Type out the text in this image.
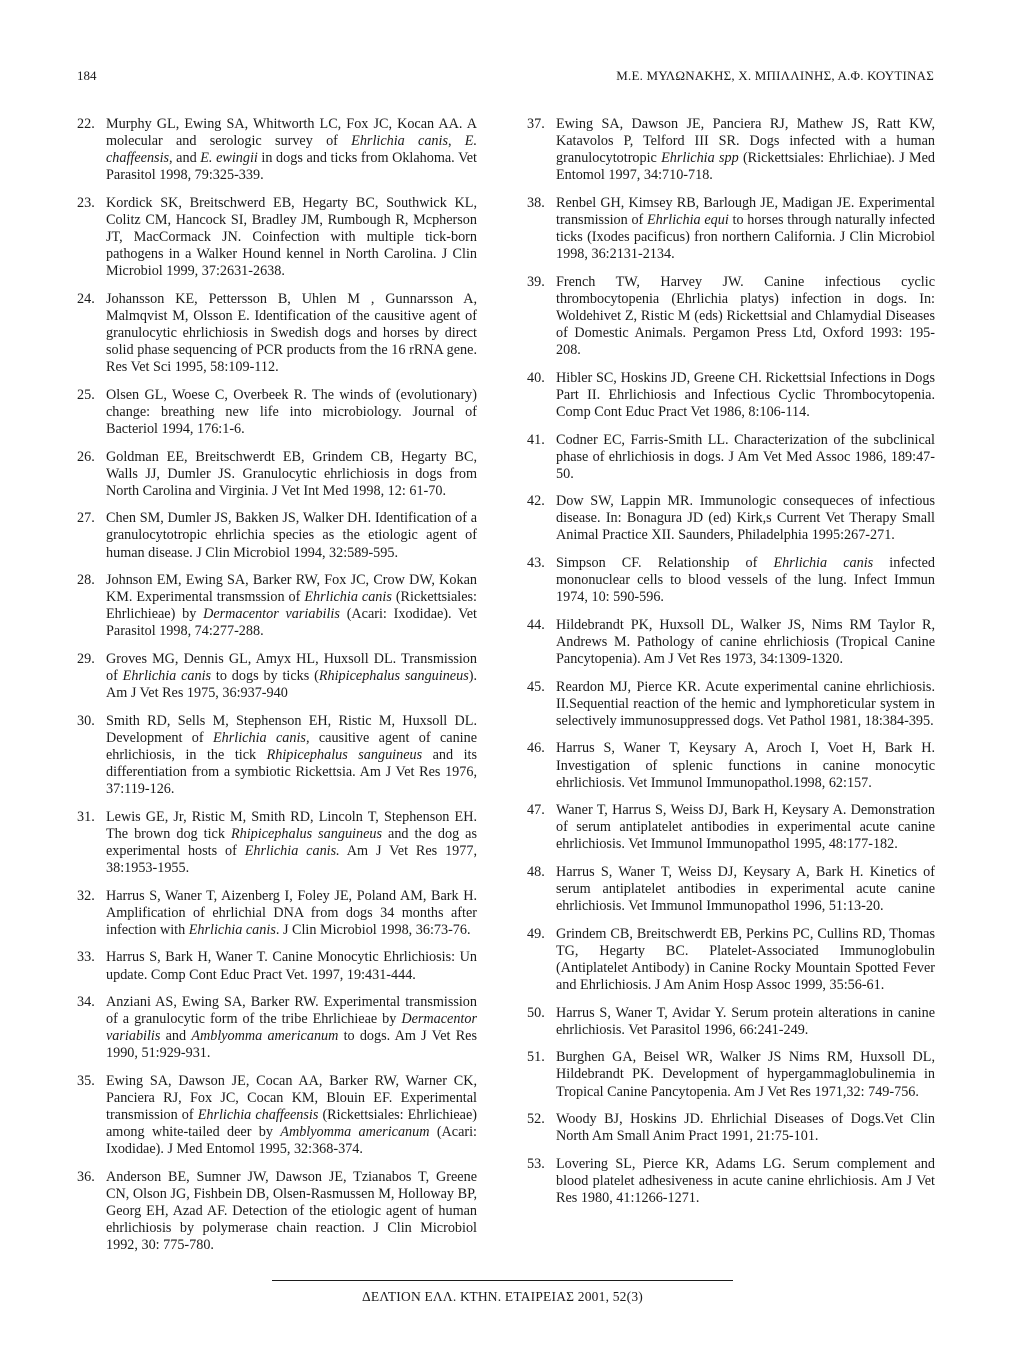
184	Μ.Ε. ΜΥΛΩΝΑΚΗΣ, Χ. ΜΠΙΛΛΙΝΗΣ, Α.Φ. ΚΟΥΤΙΝΑΣ
22. Murphy GL, Ewing SA, Whitworth LC, Fox JC, Kocan AA. A molecular and serologic survey of Ehrlichia canis, E. chaffeensis, and E. ewingii in dogs and ticks from Oklahoma. Vet Parasitol 1998, 79:325-339.
23. Kordick SK, Breitschwerd EB, Hegarty BC, Southwick KL, Colitz CM, Hancock SI, Bradley JM, Rumbough R, Mcpherson JT, MacCormack JN. Coinfection with multiple tick-born pathogens in a Walker Hound kennel in North Carolina. J Clin Microbiol 1999, 37:2631-2638.
24. Johansson KE, Pettersson B, Uhlen M , Gunnarsson A, Malmqvist M, Olsson E. Identification of the causitive agent of granulocytic ehrlichiosis in Swedish dogs and horses by direct solid phase sequencing of PCR products from the 16 rRNA gene. Res Vet Sci 1995, 58:109-112.
25. Olsen GL, Woese C, Overbeek R. The winds of (evolutionary) change: breathing new life into microbiology. Journal of Bacteriol 1994, 176:1-6.
26. Goldman EE, Breitschwerdt EB, Grindem CB, Hegarty BC, Walls JJ, Dumler JS. Granulocytic ehrlichiosis in dogs from North Carolina and Virginia. J Vet Int Med 1998, 12: 61-70.
27. Chen SM, Dumler JS, Bakken JS, Walker DH. Identification of a granulocytotropic ehrlichia species as the etiologic agent of human disease. J Clin Microbiol 1994, 32:589-595.
28. Johnson EM, Ewing SA, Barker RW, Fox JC, Crow DW, Kokan KM. Experimental transmssion of Ehrlichia canis (Rickettsiales: Ehrlichieae) by Dermacentor variabilis (Acari: Ixodidae). Vet Parasitol 1998, 74:277-288.
29. Groves MG, Dennis GL, Amyx HL, Huxsoll DL. Transmission of Ehrlichia canis to dogs by ticks (Rhipicephalus sanguineus). Am J Vet Res 1975, 36:937-940
30. Smith RD, Sells M, Stephenson EH, Ristic M, Huxsoll DL. Development of Ehrlichia canis, causitive agent of canine ehrlichiosis, in the tick Rhipicephalus sanguineus and its differentiation from a symbiotic Rickettsia. Am J Vet Res 1976, 37:119-126.
31. Lewis GE, Jr, Ristic M, Smith RD, Lincoln T, Stephenson EH. The brown dog tick Rhipicephalus sanguineus and the dog as experimental hosts of Ehrlichia canis. Am J Vet Res 1977, 38:1953-1955.
32. Harrus S, Waner T, Aizenberg I, Foley JE, Poland AM, Bark H. Amplification of ehrlichial DNA from dogs 34 months after infection with Ehrlichia canis. J Clin Microbiol 1998, 36:73-76.
33. Harrus S, Bark H, Waner T. Canine Monocytic Ehrlichiosis: Un update. Comp Cont Educ Pract Vet. 1997, 19:431-444.
34. Anziani AS, Ewing SA, Barker RW. Experimental transmission of a granulocytic form of the tribe Ehrlichieae by Dermacentor variabilis and Amblyomma americanum to dogs. Am J Vet Res 1990, 51:929-931.
35. Ewing SA, Dawson JE, Cocan AA, Barker RW, Warner CK, Panciera RJ, Fox JC, Cocan KM, Blouin EF. Experimental transmission of Ehrlichia chaffeensis (Rickettsiales: Ehrlichieae) among white-tailed deer by Amblyomma americanum (Acari: Ixodidae). J Med Entomol 1995, 32:368-374.
36. Anderson BE, Sumner JW, Dawson JE, Tzianabos T, Greene CN, Olson JG, Fishbein DB, Olsen-Rasmussen M, Holloway BP, Georg EH, Azad AF. Detection of the etiologic agent of human ehrlichiosis by polymerase chain reaction. J Clin Microbiol 1992, 30: 775-780.
37. Ewing SA, Dawson JE, Panciera RJ, Mathew JS, Ratt KW, Katavolos P, Telford III SR. Dogs infected with a human granulocytotropic Ehrlichia spp (Rickettsiales: Ehrlichiae). J Med Entomol 1997, 34:710-718.
38. Renbel GH, Kimsey RB, Barlough JE, Madigan JE. Experimental transmission of Ehrlichia equi to horses through naturally infected ticks (Ixodes pacificus) fron northern California. J Clin Microbiol 1998, 36:2131-2134.
39. French TW, Harvey JW. Canine infectious cyclic thrombocytopenia (Ehrlichia platys) infection in dogs. In: Woldehivet Z, Ristic M (eds) Rickettsial and Chlamydial Diseases of Domestic Animals. Pergamon Press Ltd, Oxford 1993: 195-208.
40. Hibler SC, Hoskins JD, Greene CH. Rickettsial Infections in Dogs Part II. Ehrlichiosis and Infectious Cyclic Thrombocytopenia. Comp Cont Educ Pract Vet 1986, 8:106-114.
41. Codner EC, Farris-Smith LL. Characterization of the subclinical phase of ehrlichiosis in dogs. J Am Vet Med Assoc 1986, 189:47-50.
42. Dow SW, Lappin MR. Immunologic consequeces of infectious disease. In: Bonagura JD (ed) Kirk,s Current Vet Therapy Small Animal Practice XII. Saunders, Philadelphia 1995:267-271.
43. Simpson CF. Relationship of Ehrlichia canis infected mononuclear cells to blood vessels of the lung. Infect Immun 1974, 10: 590-596.
44. Hildebrandt PK, Huxsoll DL, Walker JS, Nims RM Taylor R, Andrews M. Pathology of canine ehrlichiosis (Tropical Canine Pancytopenia). Am J Vet Res 1973, 34:1309-1320.
45. Reardon MJ, Pierce KR. Acute experimental canine ehrlichiosis. II.Sequential reaction of the hemic and lymphoreticular system in selectively immunosuppressed dogs. Vet Pathol 1981, 18:384-395.
46. Harrus S, Waner T, Keysary A, Aroch I, Voet H, Bark H. Investigation of splenic functions in canine monocytic ehrlichiosis. Vet Immunol Immunopathol.1998, 62:157.
47. Waner T, Harrus S, Weiss DJ, Bark H, Keysary A. Demonstration of serum antiplatelet antibodies in experimental acute canine ehrlichiosis. Vet Immunol Immunopathol 1995, 48:177-182.
48. Harrus S, Waner T, Weiss DJ, Keysary A, Bark H. Kinetics of serum antiplatelet antibodies in experimental acute canine ehrlichiosis. Vet Immunol Immunopathol 1996, 51:13-20.
49. Grindem CB, Breitschwerdt EB, Perkins PC, Cullins RD, Thomas TG, Hegarty BC. Platelet-Associated Immunoglobulin (Antiplatelet Antibody) in Canine Rocky Mountain Spotted Fever and Ehrlichiosis. J Am Anim Hosp Assoc 1999, 35:56-61.
50. Harrus S, Waner T, Avidar Y. Serum protein alterations in canine ehrlichiosis. Vet Parasitol 1996, 66:241-249.
51. Burghen GA, Beisel WR, Walker JS Nims RM, Huxsoll DL, Hildebrandt PK. Development of hypergammaglobulinemia in Tropical Canine Pancytopenia. Am J Vet Res 1971,32: 749-756.
52. Woody BJ, Hoskins JD. Ehrlichial Diseases of Dogs.Vet Clin North Am Small Anim Pract 1991, 21:75-101.
53. Lovering SL, Pierce KR, Adams LG. Serum complement and blood platelet adhesiveness in acute canine ehrlichiosis. Am J Vet Res 1980, 41:1266-1271.
ΔΕΛΤΙΟΝ ΕΛΛ. ΚΤΗΝ. ΕΤΑΙΡΕΙΑΣ 2001, 52(3)
